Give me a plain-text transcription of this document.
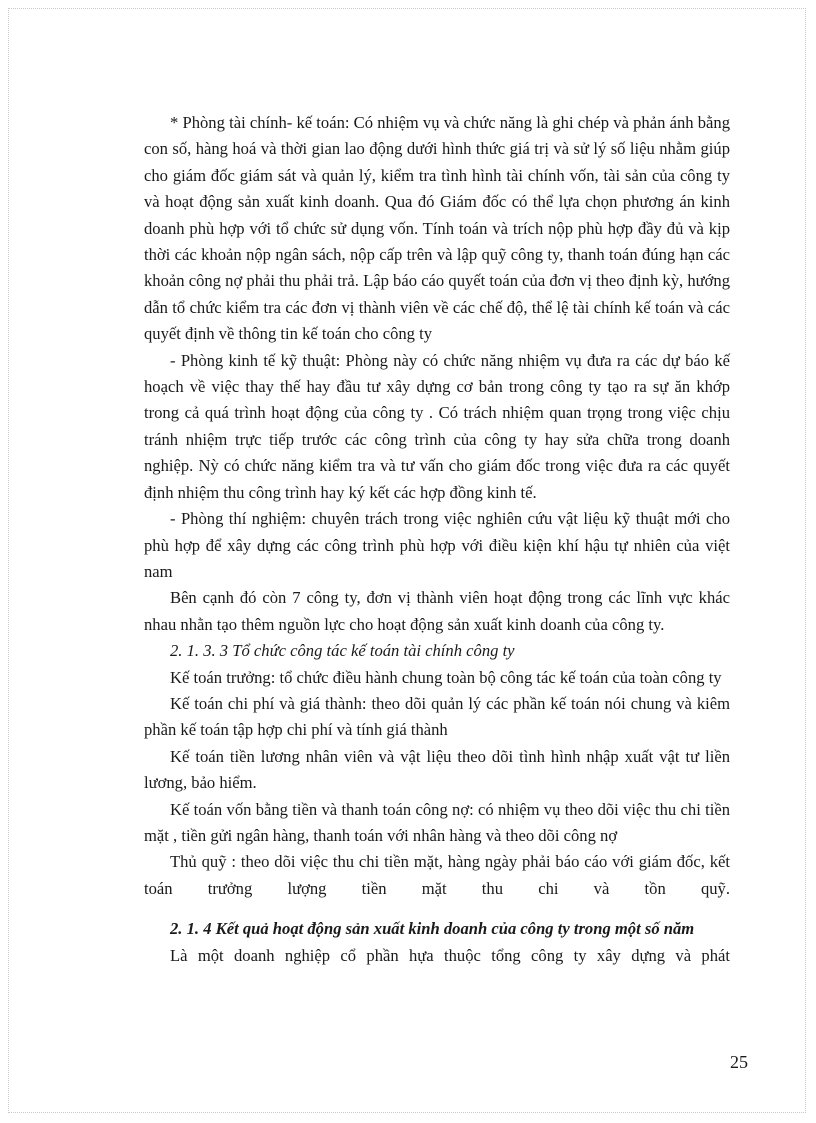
* Phòng tài chính- kế toán: Có nhiệm vụ và chức năng là ghi chép và phản ánh bằng con số, hàng hoá và thời gian lao động dưới hình thức giá trị và sử lý số liệu nhằm giúp cho giám đốc giám sát và quản lý, kiểm tra tình hình tài chính vốn, tài sản của công ty và hoạt động sản xuất kinh doanh. Qua đó Giám đốc có thể lựa chọn phương án kinh doanh phù hợp với tổ chức sử dụng vốn. Tính toán và trích nộp phù hợp đầy đủ và kịp thời các khoản nộp ngân sách, nộp cấp trên và lập quỹ công ty, thanh toán đúng hạn các khoản công nợ phải thu phải trả. Lập báo cáo quyết toán của đơn vị theo định kỳ, hướng dẫn tổ chức kiểm tra các đơn vị thành viên về các chế độ, thể lệ tài chính kế toán và các quyết định về thông tin kế toán cho công ty

- Phòng kinh tế kỹ thuật: Phòng này có chức năng nhiệm vụ đưa ra các dự báo kế hoạch về việc thay thế hay đầu tư xây dựng cơ bản trong công ty tạo ra sự ăn khớp trong cả quá trình hoạt động của công ty . Có trách nhiệm quan trọng trong việc chịu tránh nhiệm trực tiếp trước các công trình của công ty hay sửa chữa trong doanh nghiệp. Nỳ có chức năng kiểm tra và tư vấn cho giám đốc trong việc đưa ra các quyết định nhiệm thu công trình hay ký kết các hợp đồng kinh tế.

- Phòng thí nghiệm: chuyên trách trong việc nghiên cứu vật liệu kỹ thuật mới cho phù hợp để xây dựng các công trình phù hợp với điều kiện khí hậu tự nhiên của việt nam

Bên cạnh đó còn 7 công ty, đơn vị thành viên hoạt động trong các lĩnh vực khác nhau nhằn tạo thêm nguồn lực cho hoạt động sản xuất kinh doanh của công ty.

2. 1. 3. 3 Tổ chức công tác kế toán tài chính công ty

Kế toán trưởng: tổ chức điều hành chung toàn bộ công tác kế toán của toàn công ty

Kế toán chi phí và giá thành: theo dõi quản lý các phần kế toán nói chung và kiêm phần kế toán tập hợp chi phí và tính giá thành

Kế toán tiền lương nhân viên và vật liệu theo dõi tình hình nhập xuất vật tư liền lương, bảo hiểm.

Kế toán vốn bằng tiền và thanh toán công nợ: có nhiệm vụ theo dõi việc thu chi tiền mặt , tiền gửi ngân hàng, thanh toán với nhân hàng và theo dõi công nợ

Thủ quỹ : theo dõi việc thu chi tiền mặt, hàng ngày phải báo cáo với giám đốc, kết toán trưởng lượng tiền mặt thu chi và tồn quỹ.

2. 1. 4 Kết quả hoạt động sản xuất kinh doanh của công ty trong một số năm

Là một doanh nghiệp cổ phần hựa thuộc tổng công ty xây dựng và phát

25
